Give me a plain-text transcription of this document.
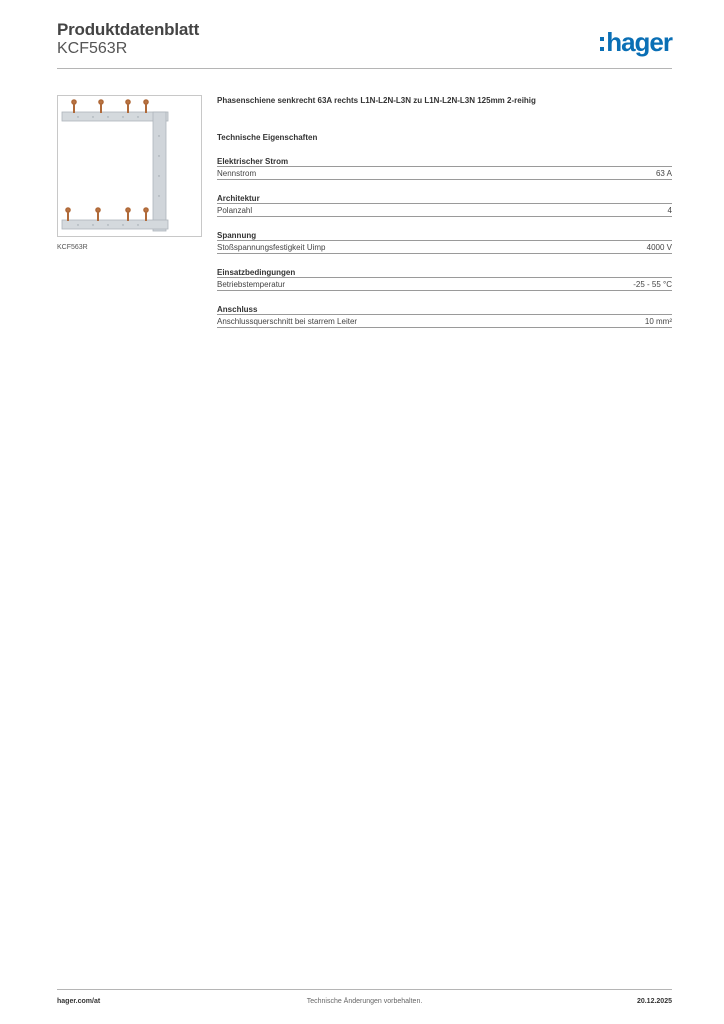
Produktdatenblatt
KCF563R	hager
KCF563R
Phasenschiene senkrecht 63A rechts L1N-L2N-L3N zu L1N-L2N-L3N 125mm 2-reihig
Technische Eigenschaften
Elektrischer Strom
Nennstrom	63 A
Architektur
Polanzahl	4
Spannung
Stoßspannungsfestigkeit Uimp	4000 V
Einsatzbedingungen
Betriebstemperatur	-25 - 55 °C
Anschluss
Anschlussquerschnitt bei starrem Leiter	10 mm²
hager.com/at	Technische Änderungen vorbehalten.	20.12.2025
